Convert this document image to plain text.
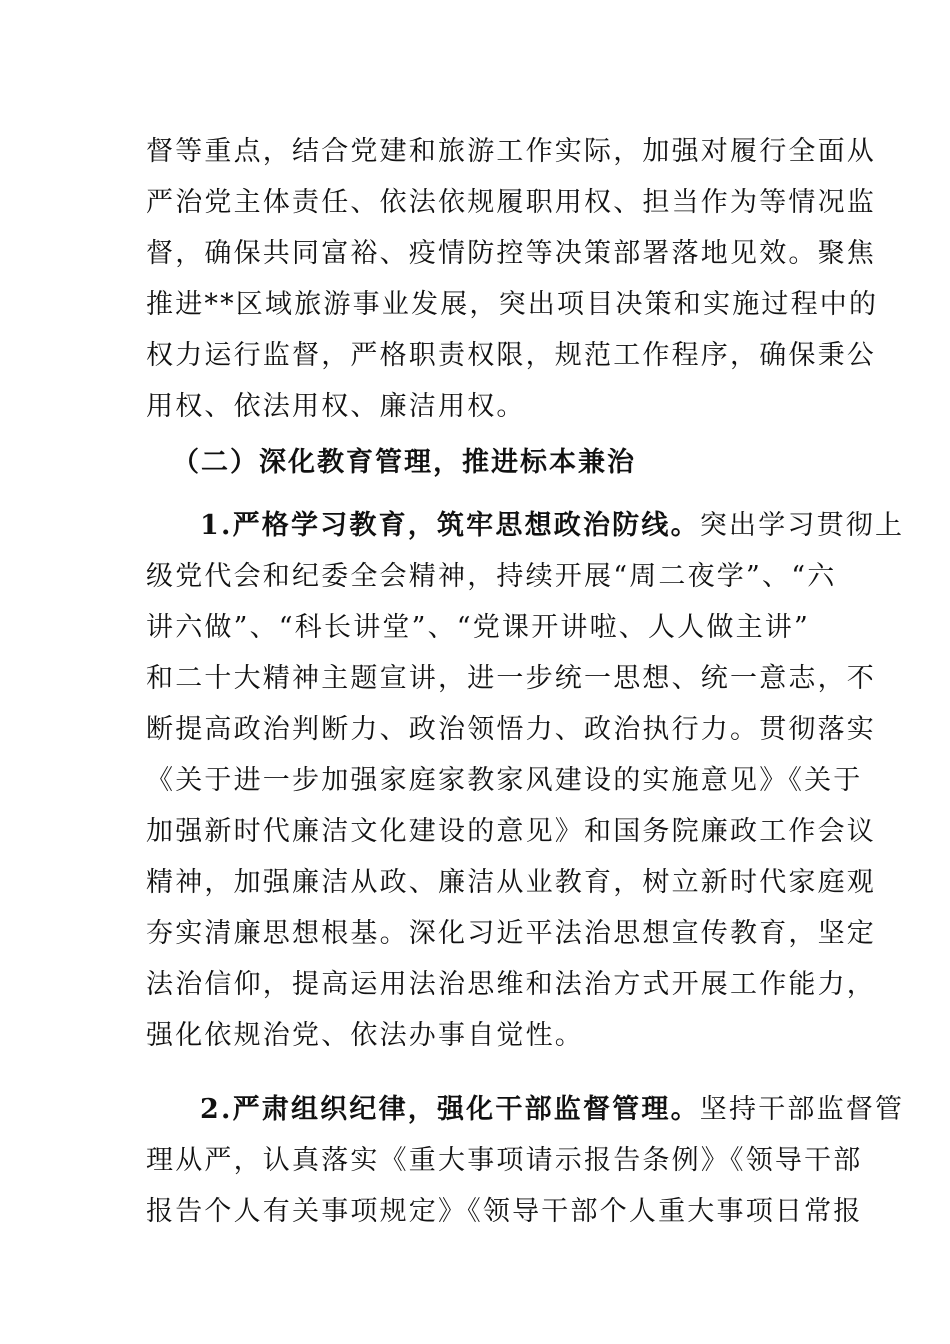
督等重点，结合党建和旅游工作实际，加强对履行全面从
严治党主体责任、依法依规履职用权、担当作为等情况监
督，确保共同富裕、疫情防控等决策部署落地见效。聚焦
推进**区域旅游事业发展，突出项目决策和实施过程中的
权力运行监督，严格职责权限，规范工作程序，确保秉公
用权、依法用权、廉洁用权。
（二）深化教育管理，推进标本兼治
1.严格学习教育，筑牢思想政治防线。突出学习贯彻上
级党代会和纪委全会精神，持续开展“周二夜学”、“六
讲六做”、“科长讲堂”、“党课开讲啦、人人做主讲”
和二十大精神主题宣讲，进一步统一思想、统一意志，不
断提高政治判断力、政治领悟力、政治执行力。贯彻落实
《关于进一步加强家庭家教家风建设的实施意见》《关于
加强新时代廉洁文化建设的意见》和国务院廉政工作会议
精神，加强廉洁从政、廉洁从业教育，树立新时代家庭观
夯实清廉思想根基。深化习近平法治思想宣传教育，坚定
法治信仰，提高运用法治思维和法治方式开展工作能力，
强化依规治党、依法办事自觉性。
2.严肃组织纪律，强化干部监督管理。坚持干部监督管
理从严，认真落实《重大事项请示报告条例》《领导干部
报告个人有关事项规定》《领导干部个人重大事项日常报
